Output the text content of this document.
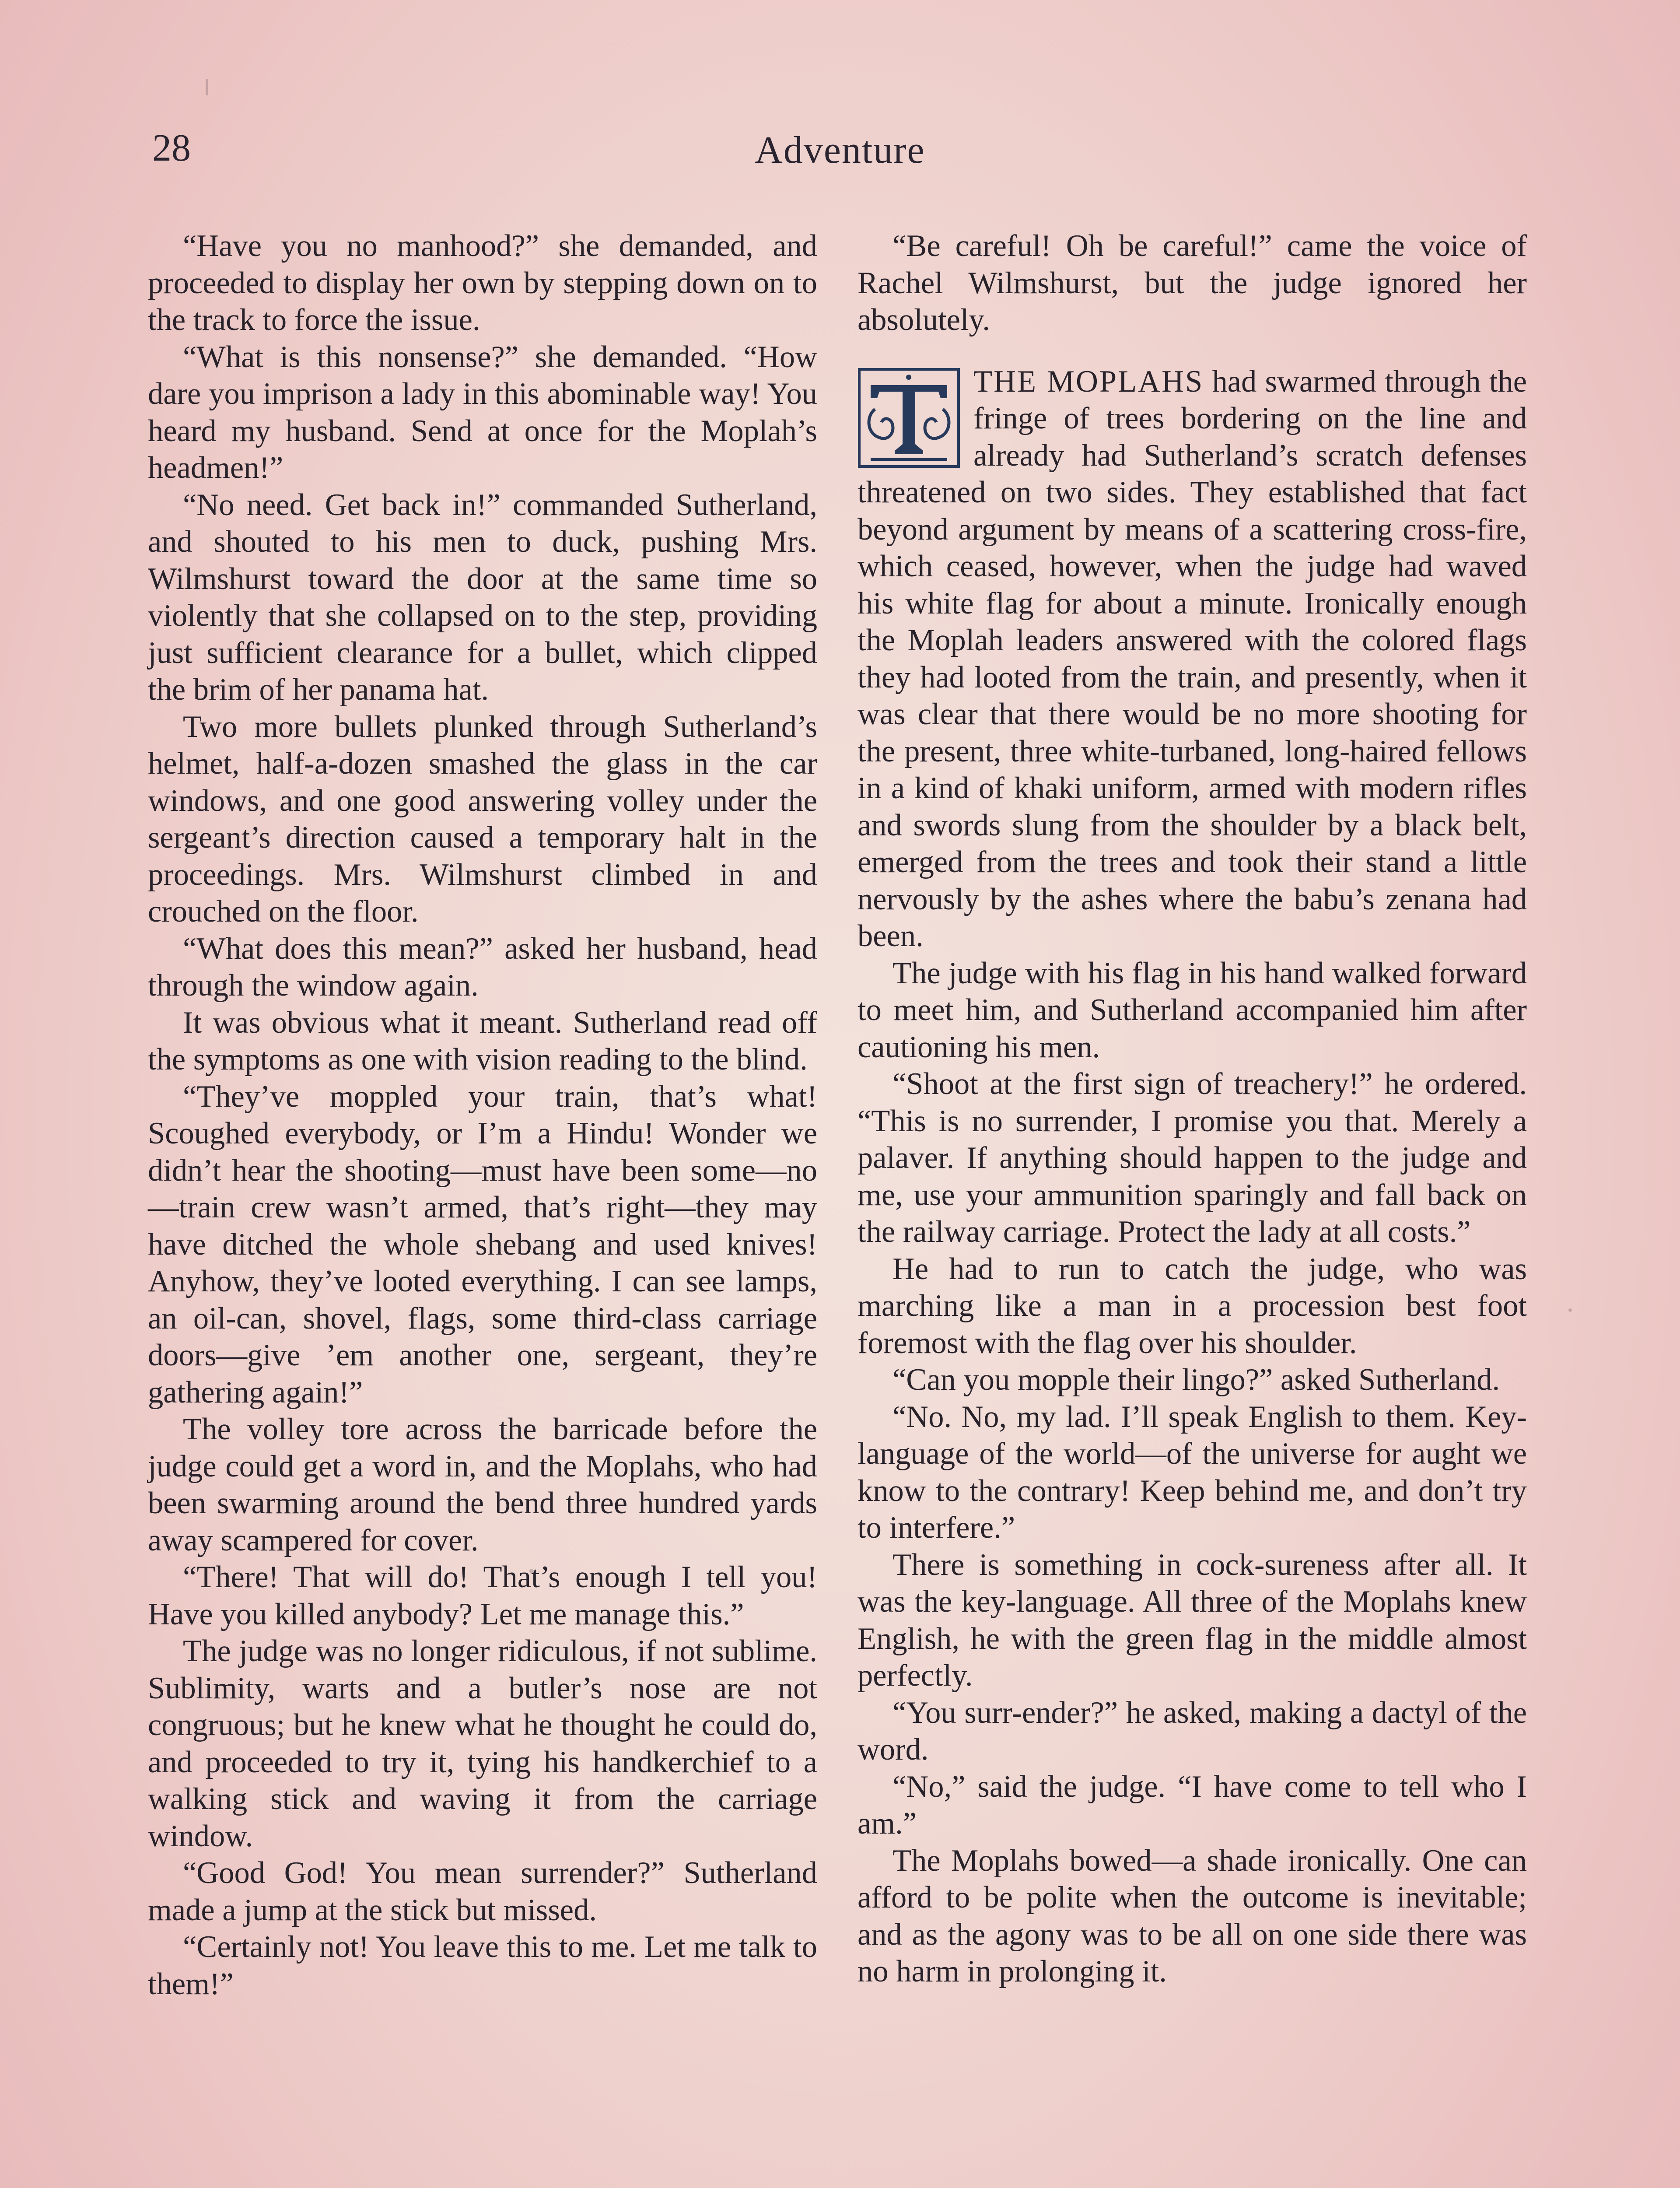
28	Adventure

“Have you no manhood?” she demanded, and proceeded to display her own by stepping down on to the track to force the issue.

“What is this nonsense?” she demanded. “How dare you imprison a lady in this abominable way! You heard my husband. Send at once for the Moplah’s headmen!”

“No need. Get back in!” commanded Sutherland, and shouted to his men to duck, pushing Mrs. Wilmshurst toward the door at the same time so violently that she collapsed on to the step, providing just sufficient clearance for a bullet, which clipped the brim of her panama hat.

Two more bullets plunked through Sutherland’s helmet, half-a-dozen smashed the glass in the car windows, and one good answering volley under the sergeant’s direction caused a temporary halt in the proceedings. Mrs. Wilmshurst climbed in and crouched on the floor.

“What does this mean?” asked her husband, head through the window again.

It was obvious what it meant. Sutherland read off the symptoms as one with vision reading to the blind.

“They’ve moppled your train, that’s what! Scoughed everybody, or I’m a Hindu! Wonder we didn’t hear the shooting—must have been some—no—train crew wasn’t armed, that’s right—they may have ditched the whole shebang and used knives! Anyhow, they’ve looted everything. I can see lamps, an oil-can, shovel, flags, some third-class carriage doors—give ’em another one, sergeant, they’re gathering again!”

The volley tore across the barricade before the judge could get a word in, and the Moplahs, who had been swarming around the bend three hundred yards away scampered for cover.

“There! That will do! That’s enough I tell you! Have you killed anybody? Let me manage this.”

The judge was no longer ridiculous, if not sublime. Sublimity, warts and a butler’s nose are not congruous; but he knew what he thought he could do, and proceeded to try it, tying his handkerchief to a walking stick and waving it from the carriage window.

“Good God! You mean surrender?” Sutherland made a jump at the stick but missed.

“Certainly not! You leave this to me. Let me talk to them!”

“Be careful! Oh be careful!” came the voice of Rachel Wilmshurst, but the judge ignored her absolutely.

THE MOPLAHS had swarmed through the fringe of trees bordering on the line and already had Sutherland’s scratch defenses threatened on two sides. They established that fact beyond argument by means of a scattering cross-fire, which ceased, however, when the judge had waved his white flag for about a minute. Ironically enough the Moplah leaders answered with the colored flags they had looted from the train, and presently, when it was clear that there would be no more shooting for the present, three white-turbaned, long-haired fellows in a kind of khaki uniform, armed with modern rifles and swords slung from the shoulder by a black belt, emerged from the trees and took their stand a little nervously by the ashes where the babu’s zenana had been.

The judge with his flag in his hand walked forward to meet him, and Sutherland accompanied him after cautioning his men.

“Shoot at the first sign of treachery!” he ordered. “This is no surrender, I promise you that. Merely a palaver. If anything should happen to the judge and me, use your ammunition sparingly and fall back on the railway carriage. Protect the lady at all costs.”

He had to run to catch the judge, who was marching like a man in a procession best foot foremost with the flag over his shoulder.

“Can you mopple their lingo?” asked Sutherland.

“No. No, my lad. I’ll speak English to them. Key-language of the world—of the universe for aught we know to the contrary! Keep behind me, and don’t try to interfere.”

There is something in cock-sureness after all. It was the key-language. All three of the Moplahs knew English, he with the green flag in the middle almost perfectly.

“You surr-ender?” he asked, making a dactyl of the word.

“No,” said the judge. “I have come to tell who I am.”

The Moplahs bowed—a shade ironically. One can afford to be polite when the outcome is inevitable; and as the agony was to be all on one side there was no harm in prolonging it.
